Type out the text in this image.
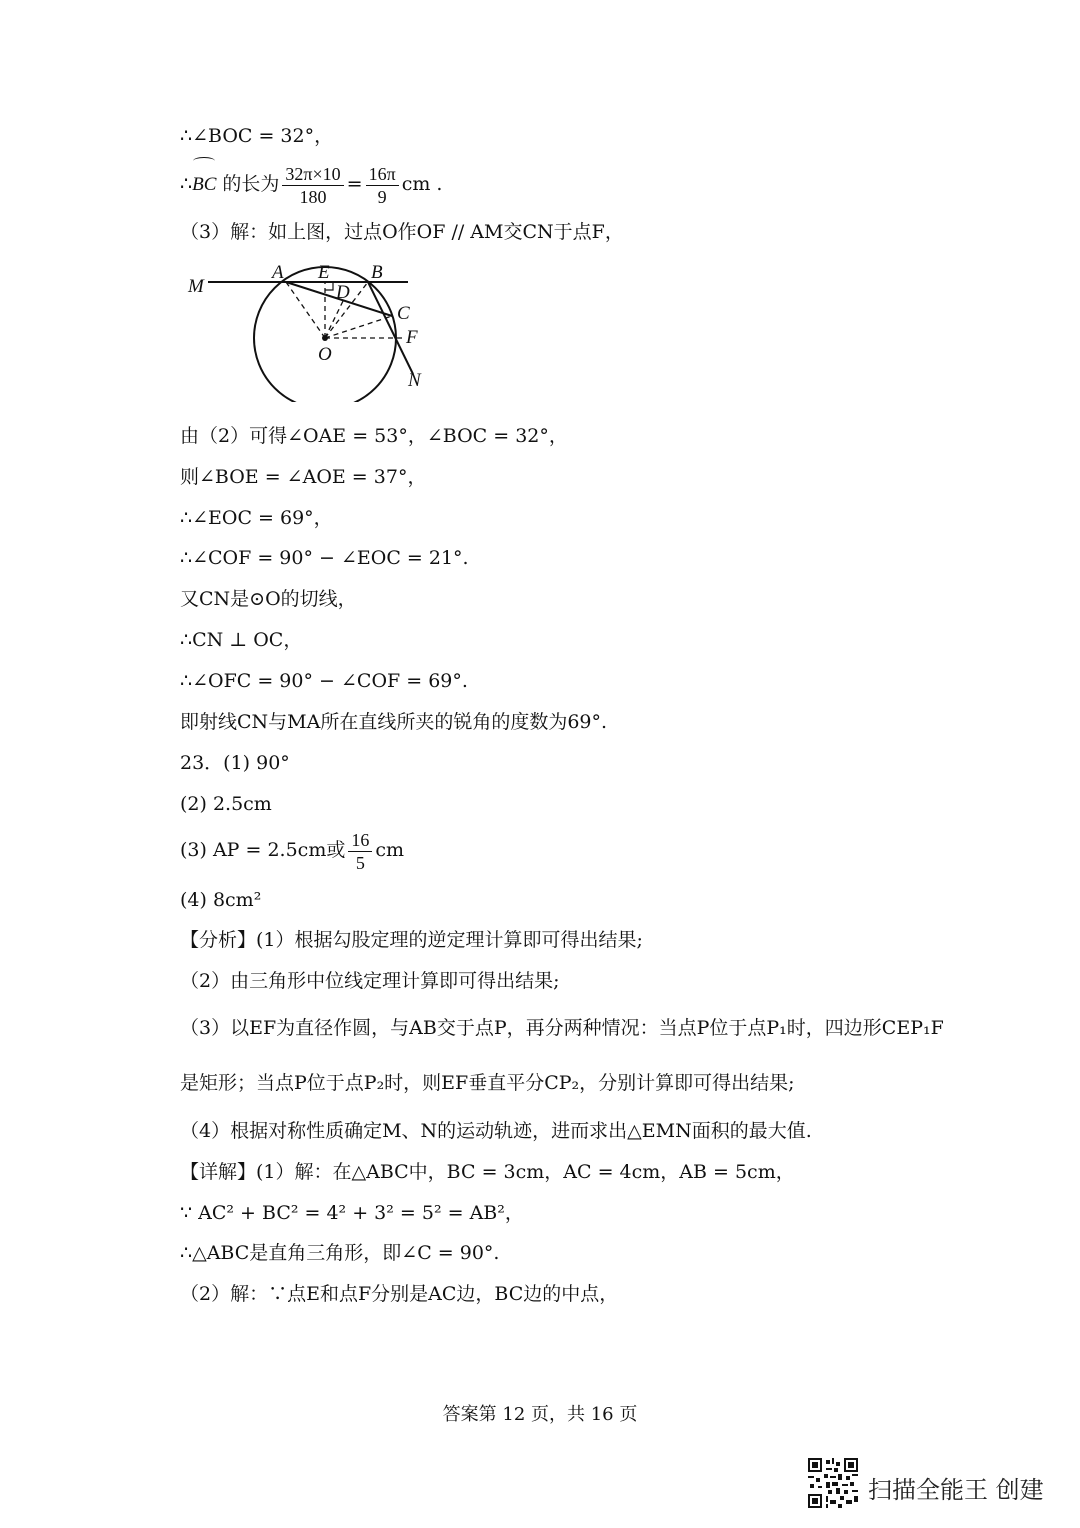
∴∠BOC = 32°，
∴BC 的长为 $\frac{32\pi\times 10}{180} = \frac{16\pi}{9}$ cm .
（3）解：如上图，过点O作OF // AM交CN于点F，
M
A E B
D
C
F
O
N
由（2）可得∠OAE = 53°，∠BOC = 32°，
则∠BOE = ∠AOE = 37°，
∴∠EOC = 69°，
∴∠COF = 90° − ∠EOC = 21°.
又CN是⊙O的切线，
∴CN ⊥ OC，
∴∠OFC = 90° − ∠COF = 69°.
即射线CN与MA所在直线所夹的锐角的度数为69°.
23．(1) 90°
(2) 2.5cm
(3) AP = 2.5cm或 $\frac{16}{5}$ cm
(4) 8cm²
【分析】(1）根据勾股定理的逆定理计算即可得出结果;
（2）由三角形中位线定理计算即可得出结果;
（3）以EF为直径作圆，与AB交于点P，再分两种情况：当点P位于点P₁时，四边形CEP₁F
是矩形；当点P位于点P₂时，则EF垂直平分CP₂，分别计算即可得出结果;
（4）根据对称性质确定M、N的运动轨迹，进而求出△EMN面积的最大值.
【详解】(1）解：在△ABC中，BC = 3cm，AC = 4cm，AB = 5cm，
∵ AC² + BC² = 4² + 3² = 5² = AB²，
∴△ABC是直角三角形，即∠C = 90°.
（2）解：∵点E和点F分别是AC边，BC边的中点，
答案第 12 页，共 16 页
扫描全能王 创建
